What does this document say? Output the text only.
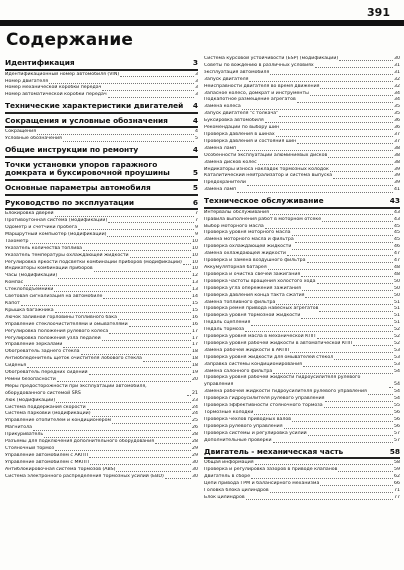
391
Содержание
Идентификация	3
Идентификационный номер автомобиля (VIN)	3
Номер двигателя	3
Номер механической коробки передач	3
Номер автоматической коробки передач	3
Технические характеристики двигателей	4
Сокращения и условные обозначения	4
Сокращения	4
Условные обозначения	5
Общие инструкции по ремонту	4
Точки установки упоров гаражного домкрата и буксировочной проушины	5
Основные параметры автомобиля	5
Руководство по эксплуатации	6
Блокировка дверей	7
Противоугонная система (модификации)	7
Одометр и счетчики пробега	9
Маршрутный компьютер (модификации)	9
Тахометр	10
Указатель количества топлива	10
Указатель температуры охлаждающей жидкости	10
Регулировка яркости подсветки комбинации приборов (модификации) 10
Индикаторы комбинации приборов	10
Часы (модификации)	12
Компас	13
Стеклоподъемники	13
Световая сигнализация на автомобиле	14
Капот	15
Крышка багажника	15
Лючок заливной горловины топливного бака	16
Управление стеклоочистителями и омывателями	16
Регулировка положения рулевого колеса	17
Регулировка положения узла педалей	17
Управление зеркалами	17
Обогреватель заднего стекла	18
Антиобледенитель щеток очистителя лобового стекла	18
Сиденья	18
Обогреватель передних сидений	19
Ремни безопасности	20
Меры предосторожности при эксплуатации автомобиля, оборудованного системой SRS	21
Люк (модификации)	23
Система поддержания скорости	24
Система парковки (модификации)	24
Управление отопителем и кондиционером	25
Магнитола	26
Прикуриватель	28
Разъемы для подключения дополнительного оборудования	28
Стояночный тормоз	29
Управление автомобилем с АКПП	29
Управление автомобилем с МКПП	30
Антиблокировочная система тормозов (ABS)	30
Система электронного распределения тормозных усилий (EBD)	30
Система курсовой устойчивости (ESP) (модификации)	30
Советы по вождению в различных условиях	31
эксплуатация автомобиля	31
Запуск двигателя	32
Неисправности двигателя во время движения	32
Запасное колесо, домкрат и инструменты	34
Подкапотное размещение агрегатов	34
Замена колеса	35
Запуск двигателя "с толкача"	35
Буксировка автомобиля	36
Рекомендации по выбору шин	36
Проверка давления в шинах	37
Проверка давления и состояния шин	37
Замена ламп	38
Особенности эксплуатации алюминиевых дисков	38
Замена дисков колес	38
Индикаторы износа накладок тормозных колодок	39
Каталитический нейтрализатор и система выпуска	39
Предохранители	39
Замена ламп	41
Техническое обслуживание	43
Интервалы обслуживания	43
Правила выполнения работ в моторном отсеке	43
Выбор моторного масла	45
Проверка уровня моторного масла	45
Замена моторного масла и фильтра	45
Проверка охлаждающей жидкости	46
Замена охлаждающей жидкости	47
Проверка и замена воздушного фильтра	47
Аккумуляторная батарея	48
Проверка и очистка свечей зажигания	48
Проверка частоты вращения холостого хода	50
Проверка угла опережения зажигания	50
Проверка давления конца такта сжатия	50
Замена топливного фильтра	51
Проверка ремня привода навесных агрегатов	51
Проверка уровня тормозной жидкости	51
Педаль сцепления	51
Педаль тормоза	52
Проверка уровня масла в механической КПП	52
Проверка уровня рабочей жидкости в автоматической КПП	52
Замена рабочей жидкости в АКПП	53
Проверка уровня жидкости для омывателей стекол	53
Заправка системы кондиционирования	53
Замена салонного фильтра	54
Проверка уровня рабочей жидкости гидроусилителя рулевого управления	54
Замена рабочей жидкости гидроусилителя рулевого управления	54
Проверка гидроусилителя рулевого управления	54
Проверка эффективности стояночного тормоза	55
Тормозные колодки	56
Проверка чехлов приводных валов	56
Проверка рулевого управления	56
Проверка системы и регулировка усилий	57
Дополнительные проверки	57
Двигатель - механическая часть	58
Общая информация	58
Проверка и регулировка зазоров в приводе клапанов	59
Двигатель в сборе	62
Цепи привода ГРМ и балансирного механизма	66
Головка блока цилиндров	71
Блок цилиндров	77
